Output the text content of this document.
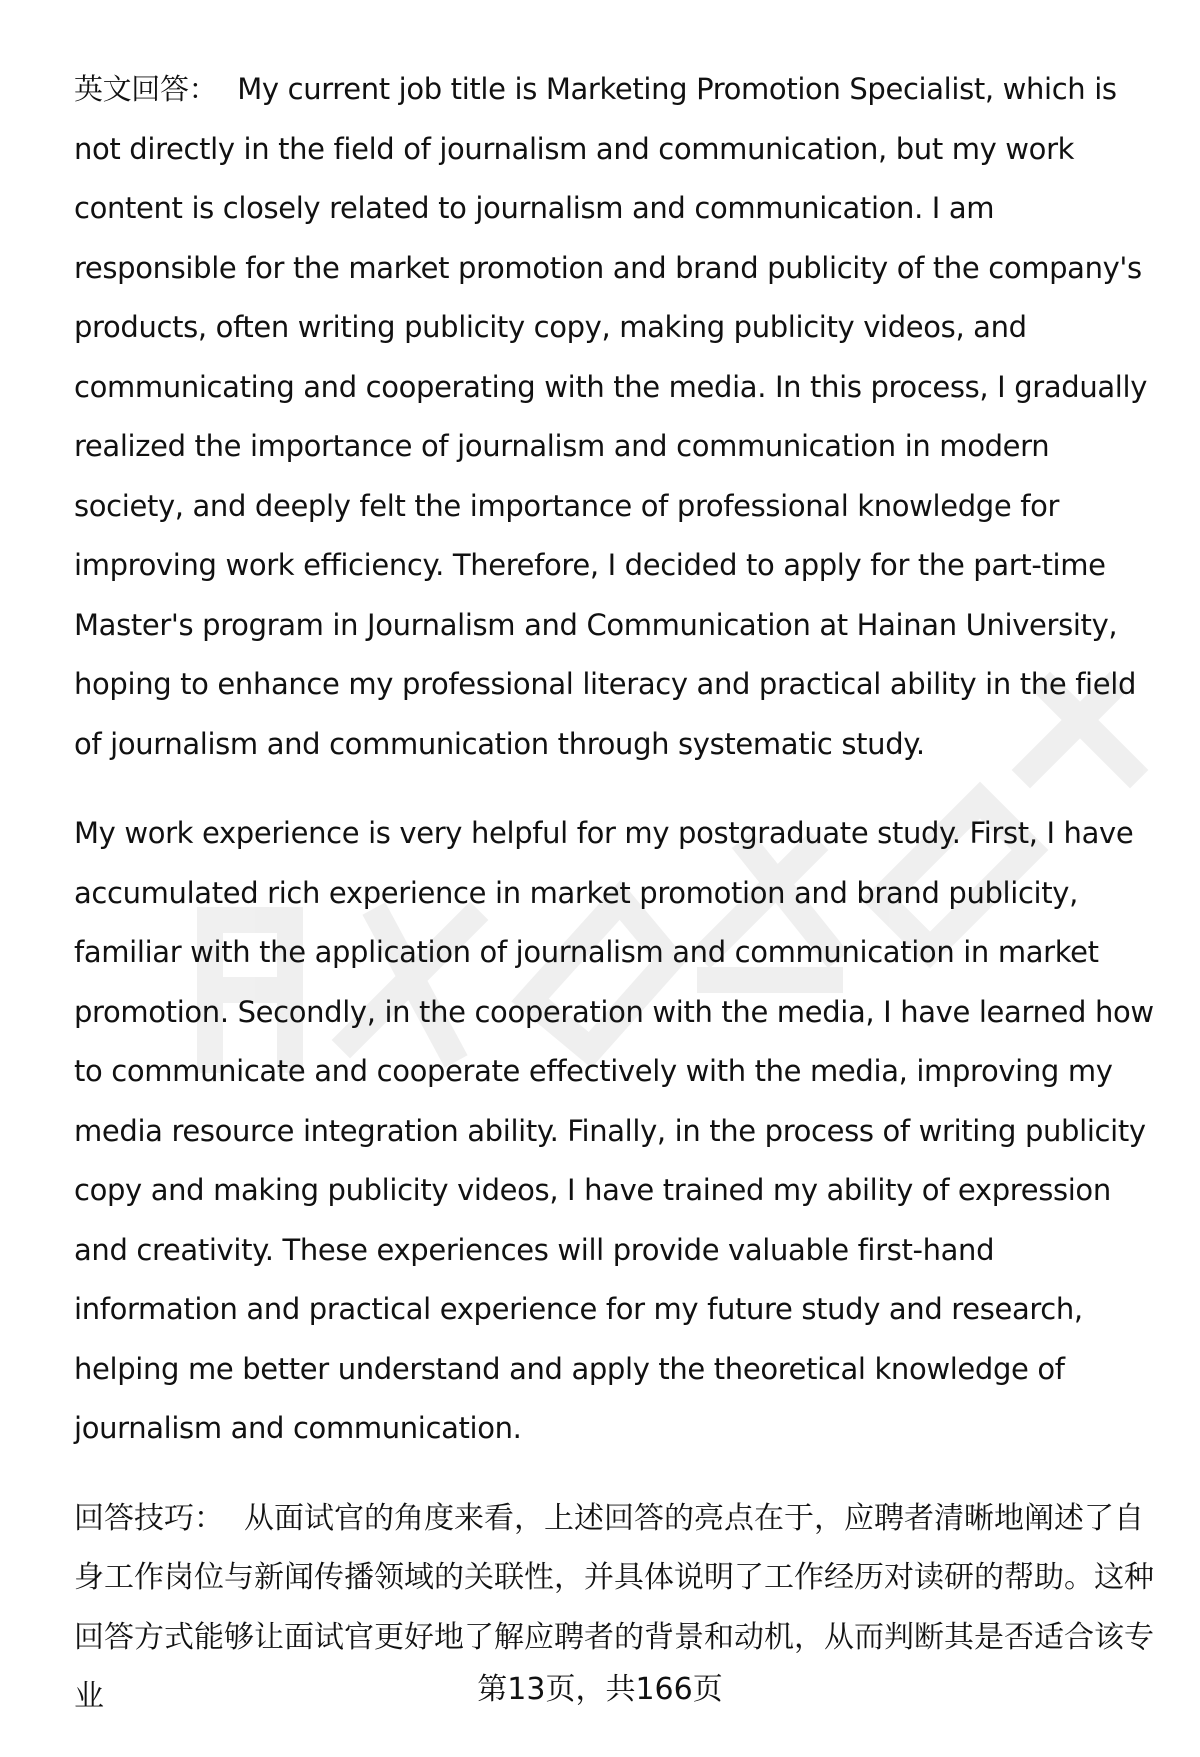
英文回答： My current job title is Marketing Promotion Specialist, which is not directly in the field of journalism and communication, but my work content is closely related to journalism and communication. I am responsible for the market promotion and brand publicity of the company's products, often writing publicity copy, making publicity videos, and communicating and cooperating with the media. In this process, I gradually realized the importance of journalism and communication in modern society, and deeply felt the importance of professional knowledge for improving work efficiency. Therefore, I decided to apply for the part-time Master's program in Journalism and Communication at Hainan University, hoping to enhance my professional literacy and practical ability in the field of journalism and communication through systematic study.

My work experience is very helpful for my postgraduate study. First, I have accumulated rich experience in market promotion and brand publicity, familiar with the application of journalism and communication in market promotion. Secondly, in the cooperation with the media, I have learned how to communicate and cooperate effectively with the media, improving my media resource integration ability. Finally, in the process of writing publicity copy and making publicity videos, I have trained my ability of expression and creativity. These experiences will provide valuable first-hand information and practical experience for my future study and research, helping me better understand and apply the theoretical knowledge of journalism and communication.

回答技巧： 从面试官的角度来看，上述回答的亮点在于，应聘者清晰地阐述了自身工作岗位与新闻传播领域的关联性，并具体说明了工作经历对读研的帮助。这种回答方式能够让面试官更好地了解应聘者的背景和动机，从而判断其是否适合该专业	第13页，共166页
